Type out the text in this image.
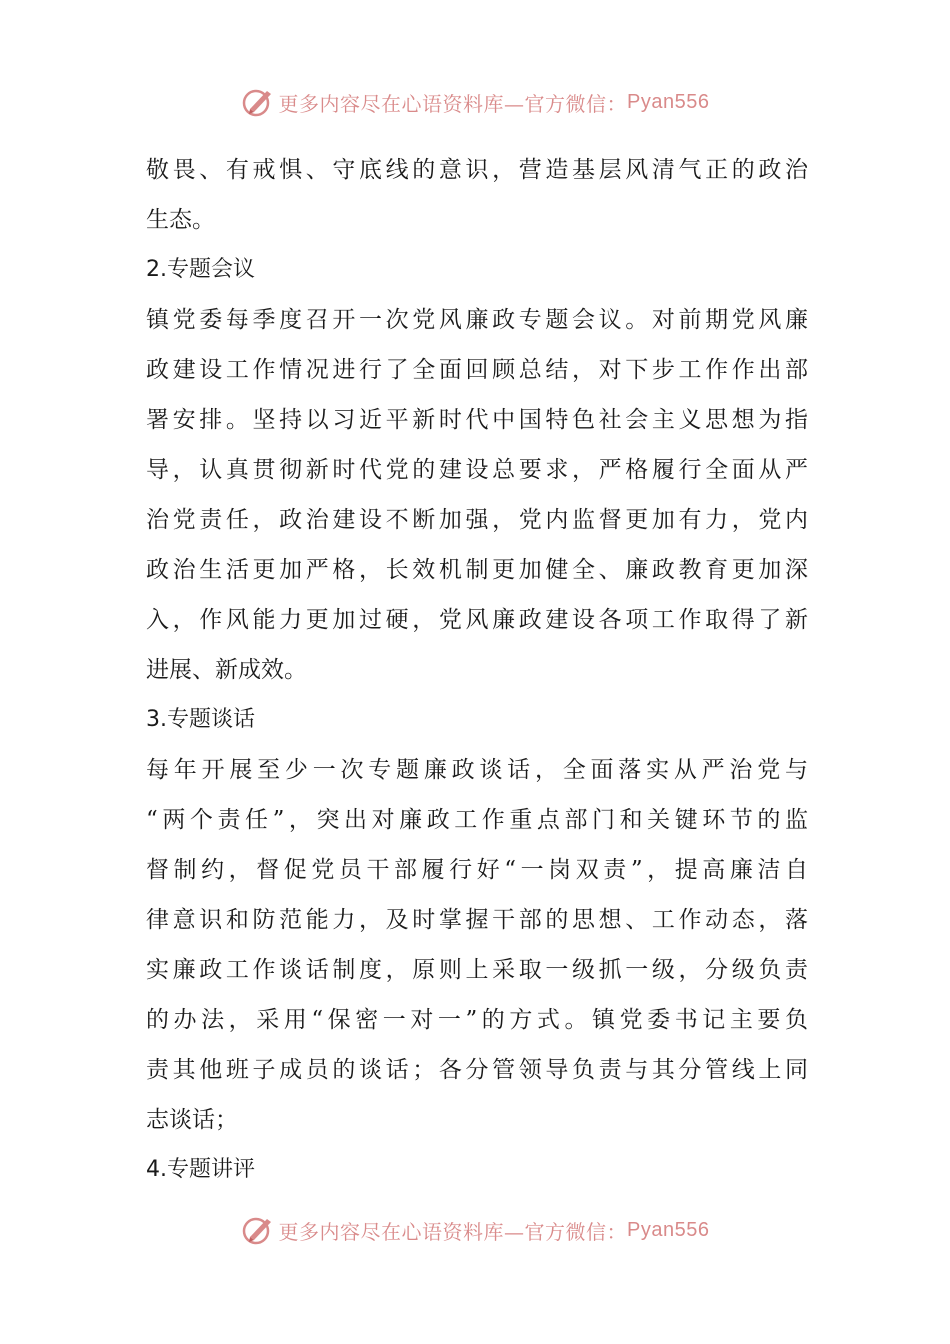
更多内容尽在心语资料库—官方微信： Pyan556
敬畏、有戒惧、守底线的意识，营造基层风清气正的政治
生态。
2.专题会议
镇党委每季度召开一次党风廉政专题会议。对前期党风廉
政建设工作情况进行了全面回顾总结，对下步工作作出部
署安排。坚持以习近平新时代中国特色社会主义思想为指
导，认真贯彻新时代党的建设总要求，严格履行全面从严
治党责任，政治建设不断加强，党内监督更加有力，党内
政治生活更加严格，长效机制更加健全、廉政教育更加深
入，作风能力更加过硬，党风廉政建设各项工作取得了新
进展、新成效。
3.专题谈话
每年开展至少一次专题廉政谈话，全面落实从严治党与
“两个责任”，突出对廉政工作重点部门和关键环节的监
督制约，督促党员干部履行好“一岗双责”，提高廉洁自
律意识和防范能力，及时掌握干部的思想、工作动态，落
实廉政工作谈话制度，原则上采取一级抓一级，分级负责
的办法，采用“保密一对一”的方式。镇党委书记主要负
责其他班子成员的谈话；各分管领导负责与其分管线上同
志谈话；
4.专题讲评
更多内容尽在心语资料库—官方微信： Pyan556
